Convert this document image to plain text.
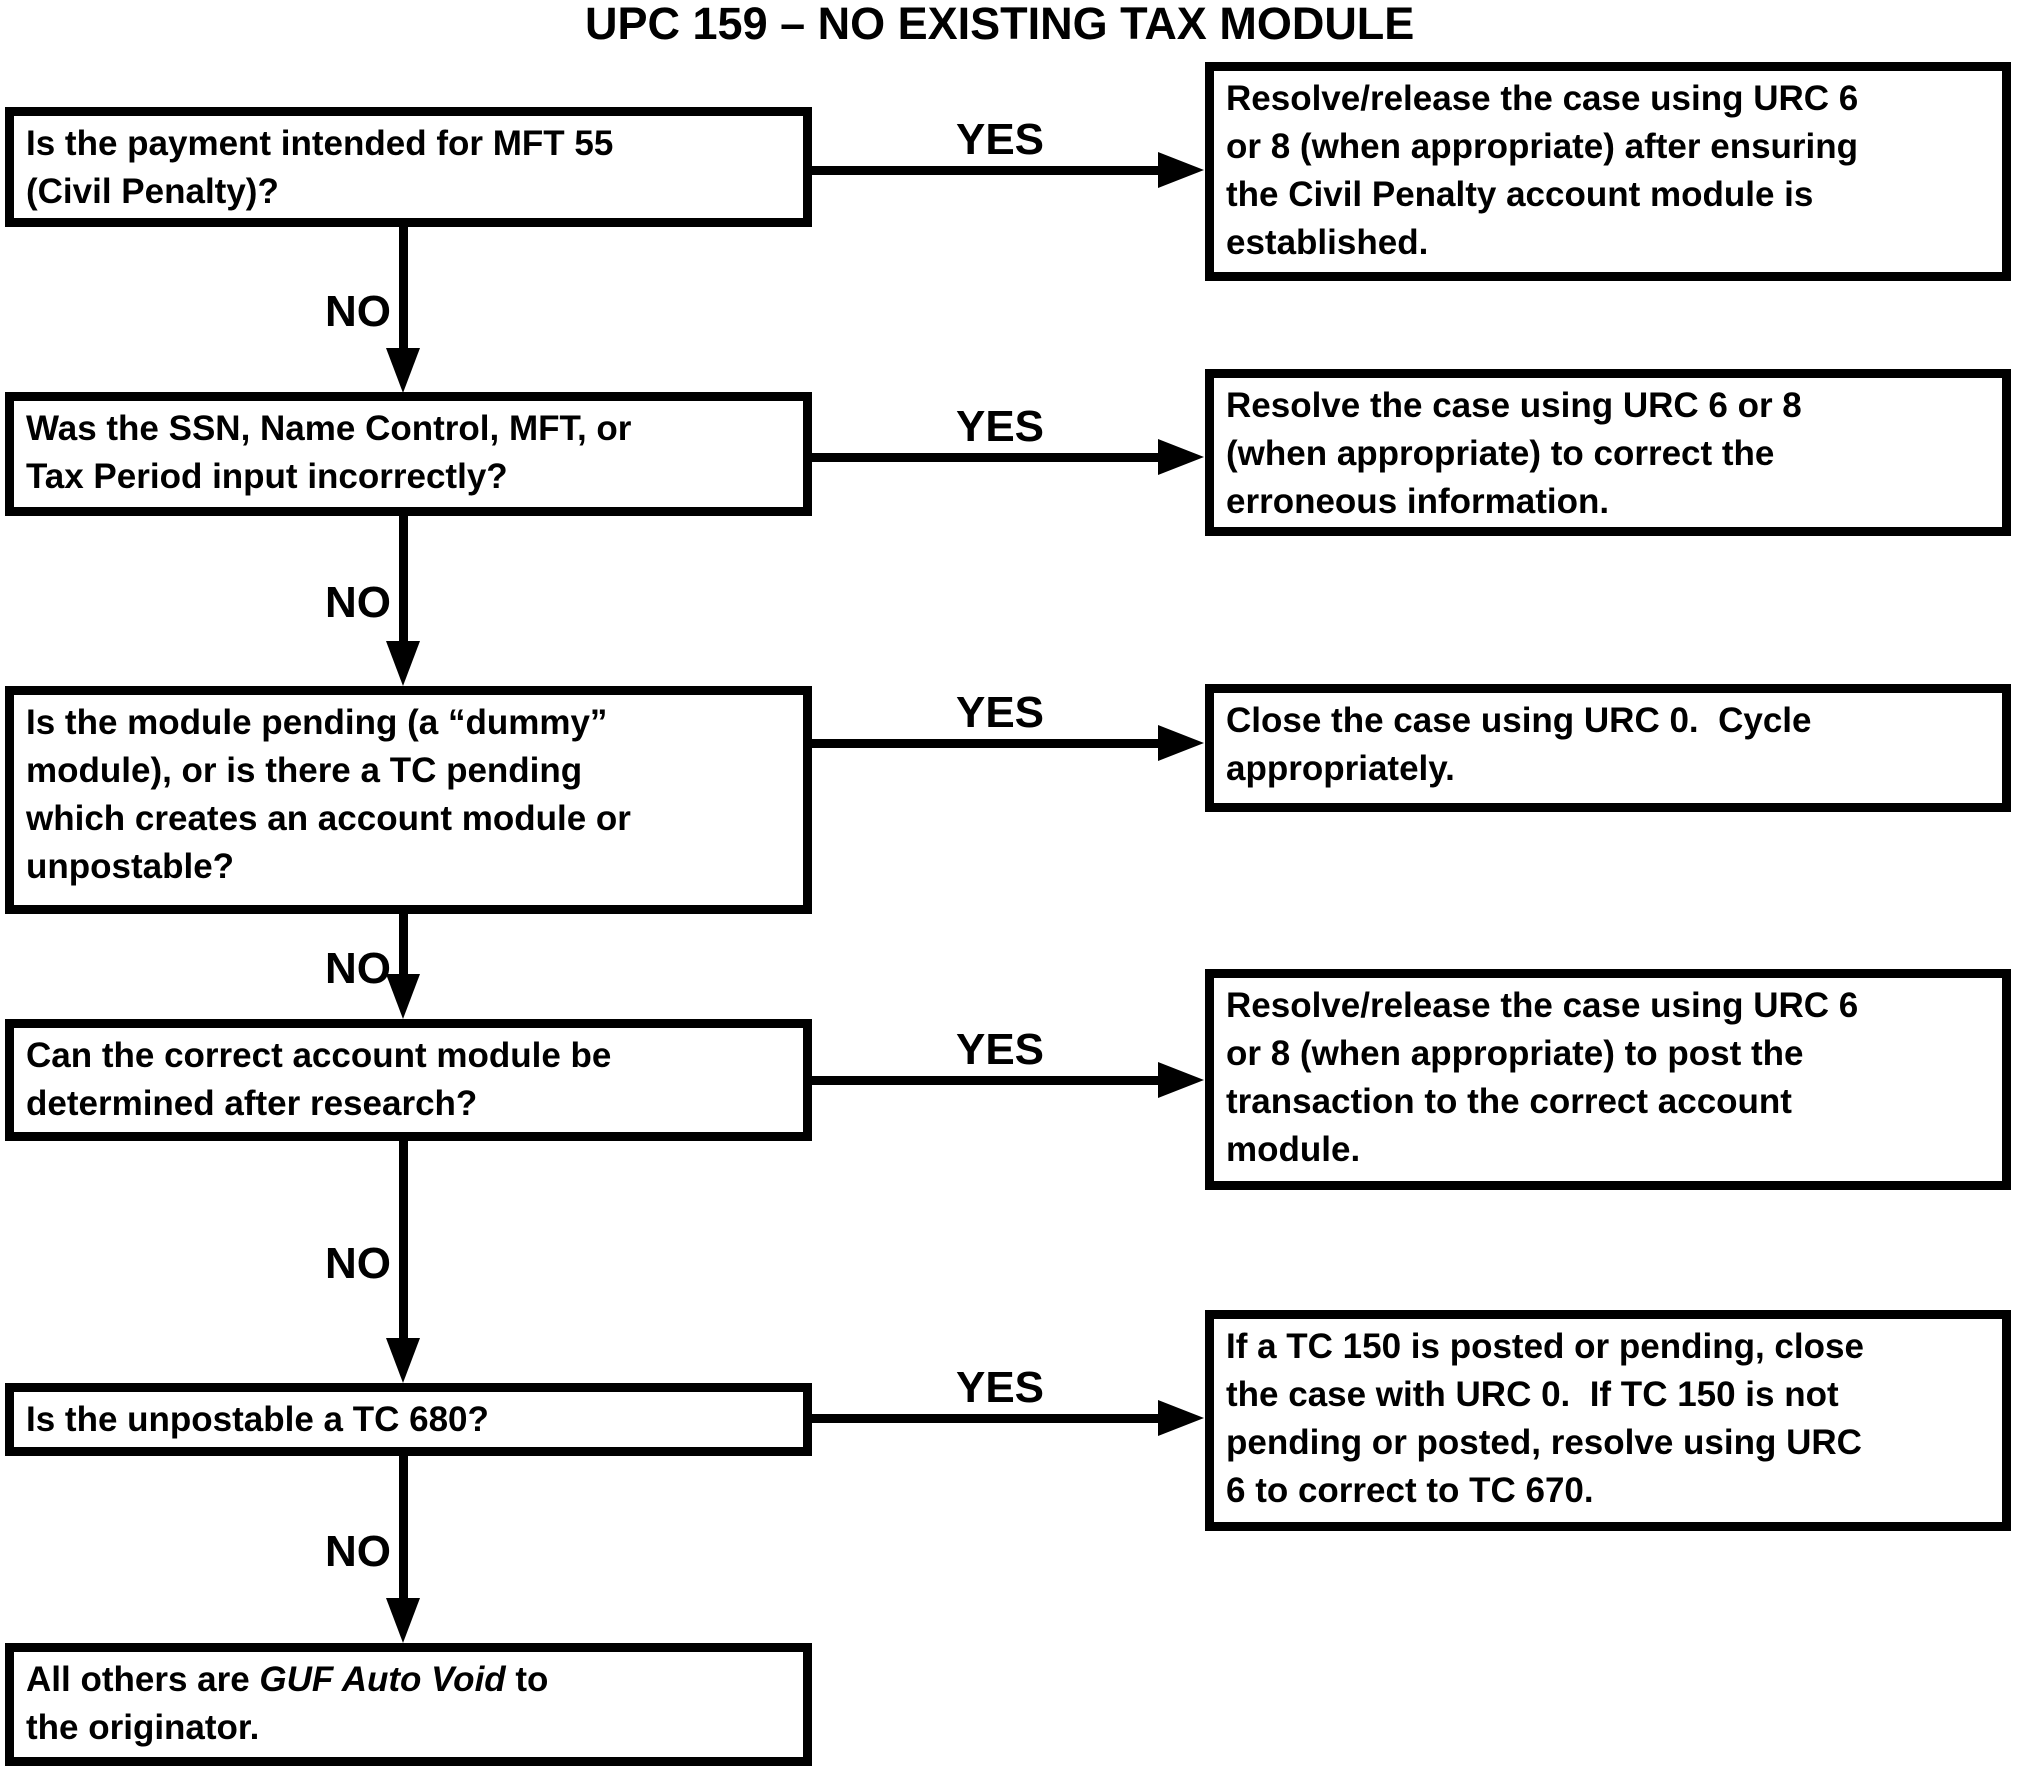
UPC 159 – NO EXISTING TAX MODULE
Is the payment intended for MFT 55
(Civil Penalty)?
Was the SSN, Name Control, MFT, or
Tax Period input incorrectly?
Is the module pending (a “dummy”
module), or is there a TC pending
which creates an account module or
unpostable?
Can the correct account module be
determined after research?
Is the unpostable a TC 680?
All others are GUF Auto Void to
the originator.
Resolve/release the case using URC 6
or 8 (when appropriate) after ensuring
the Civil Penalty account module is
established.
Resolve the case using URC 6 or 8
(when appropriate) to correct the
erroneous information.
Close the case using URC 0.  Cycle
appropriately.
Resolve/release the case using URC 6
or 8 (when appropriate) to post the
transaction to the correct account
module.
If a TC 150 is posted or pending, close
the case with URC 0.  If TC 150 is not
pending or posted, resolve using URC
6 to correct to TC 670.
YES
YES
YES
YES
YES
NO
NO
NO
NO
NO
